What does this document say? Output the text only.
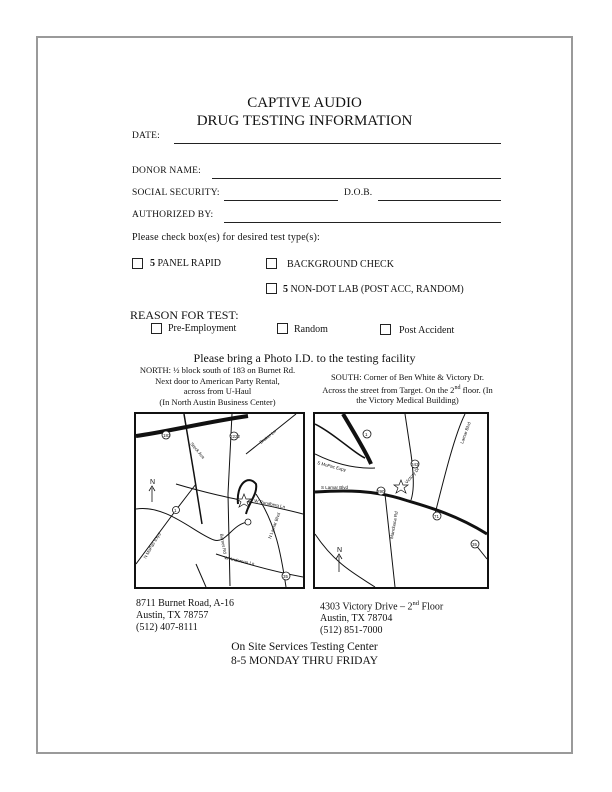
CAPTIVE AUDIO
DRUG TESTING INFORMATION
DATE:
DONOR NAME:
SOCIAL SECURITY:	D.O.B.
AUTHORIZED BY:
Please check box(es) for desired test type(s):
5 PANEL RAPID	BACKGROUND CHECK
5 NON-DOT LAB (POST ACC, RANDOM)
REASON FOR TEST:
Pre-Employment	Random	Post Accident
Please bring a Photo I.D. to the testing facility
NORTH: ½ block south of 183 on Burnet Rd.
Next door to American Party Rental,
across from U-Haul
(In North Austin Business Center)
SOUTH: Corner of Ben White & Victory Dr.
Across the street from Target. On the 2nd floor. (In
the Victory Medical Building)
183	2222
1
35
Braker Ln
Steck Ave
W Rundberg Ln
Burnet Rd
N Lamar Blvd
W Anderson Ln
N MoPac Expy
N
1
343
290
71
35
S MoPac Expy
Lamar Blvd
S Lamar Blvd
Victory Dr
Manchaca Rd
N
8711 Burnet Road, A-16
Austin, TX 78757
(512) 407-8111
4303 Victory Drive – 2nd Floor
Austin, TX 78704
(512) 851-7000
On Site Services Testing Center
8-5 MONDAY THRU FRIDAY
